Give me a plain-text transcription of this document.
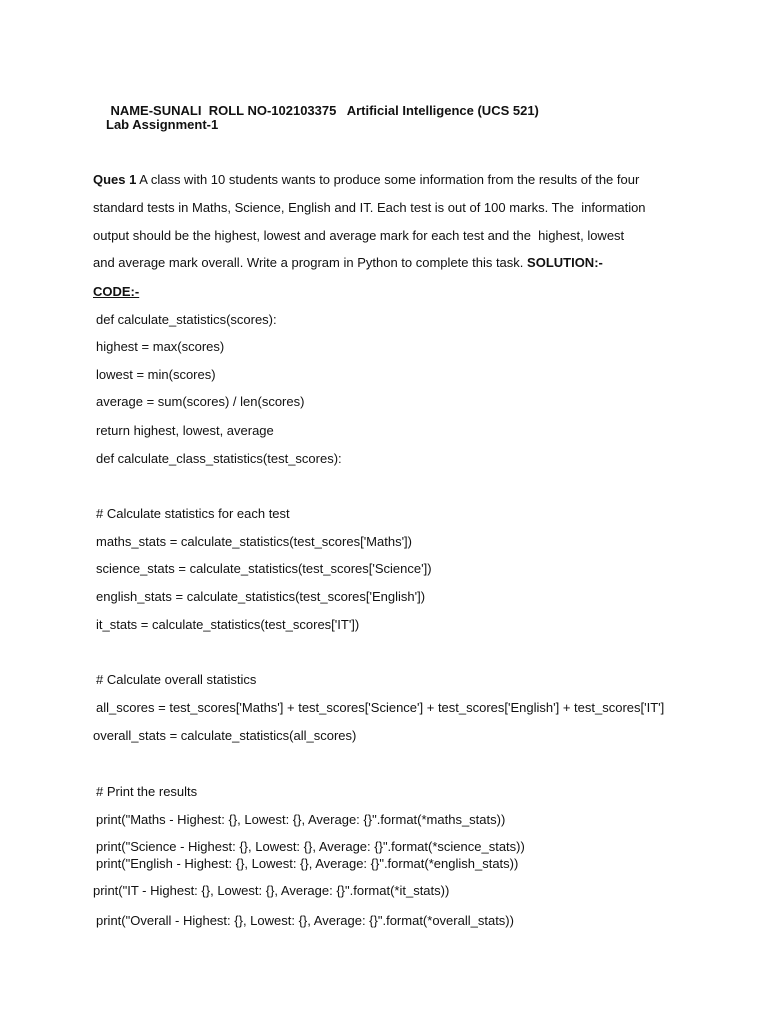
NAME-SUNALI ROLL NO-102103375 Artificial Intelligence (UCS 521)

Lab Assignment-1
Ques 1 A class with 10 students wants to produce some information from the results of the four
standard tests in Maths, Science, English and IT. Each test is out of 100 marks. The  information
output should be the highest, lowest and average mark for each test and the  highest, lowest
and average mark overall. Write a program in Python to complete this task. SOLUTION:-
CODE:-
def calculate_statistics(scores):
highest = max(scores)
lowest = min(scores)
average = sum(scores) / len(scores)
return highest, lowest, average
def calculate_class_statistics(test_scores):
# Calculate statistics for each test
maths_stats = calculate_statistics(test_scores['Maths'])
science_stats = calculate_statistics(test_scores['Science'])
english_stats = calculate_statistics(test_scores['English'])
it_stats = calculate_statistics(test_scores['IT'])
# Calculate overall statistics
all_scores = test_scores['Maths'] + test_scores['Science'] + test_scores['English'] + test_scores['IT']
overall_stats = calculate_statistics(all_scores)
# Print the results
print("Maths - Highest: {}, Lowest: {}, Average: {}".format(*maths_stats))
print("Science - Highest: {}, Lowest: {}, Average: {}".format(*science_stats))
print("English - Highest: {}, Lowest: {}, Average: {}".format(*english_stats))
print("IT - Highest: {}, Lowest: {}, Average: {}".format(*it_stats))
print("Overall - Highest: {}, Lowest: {}, Average: {}".format(*overall_stats))
